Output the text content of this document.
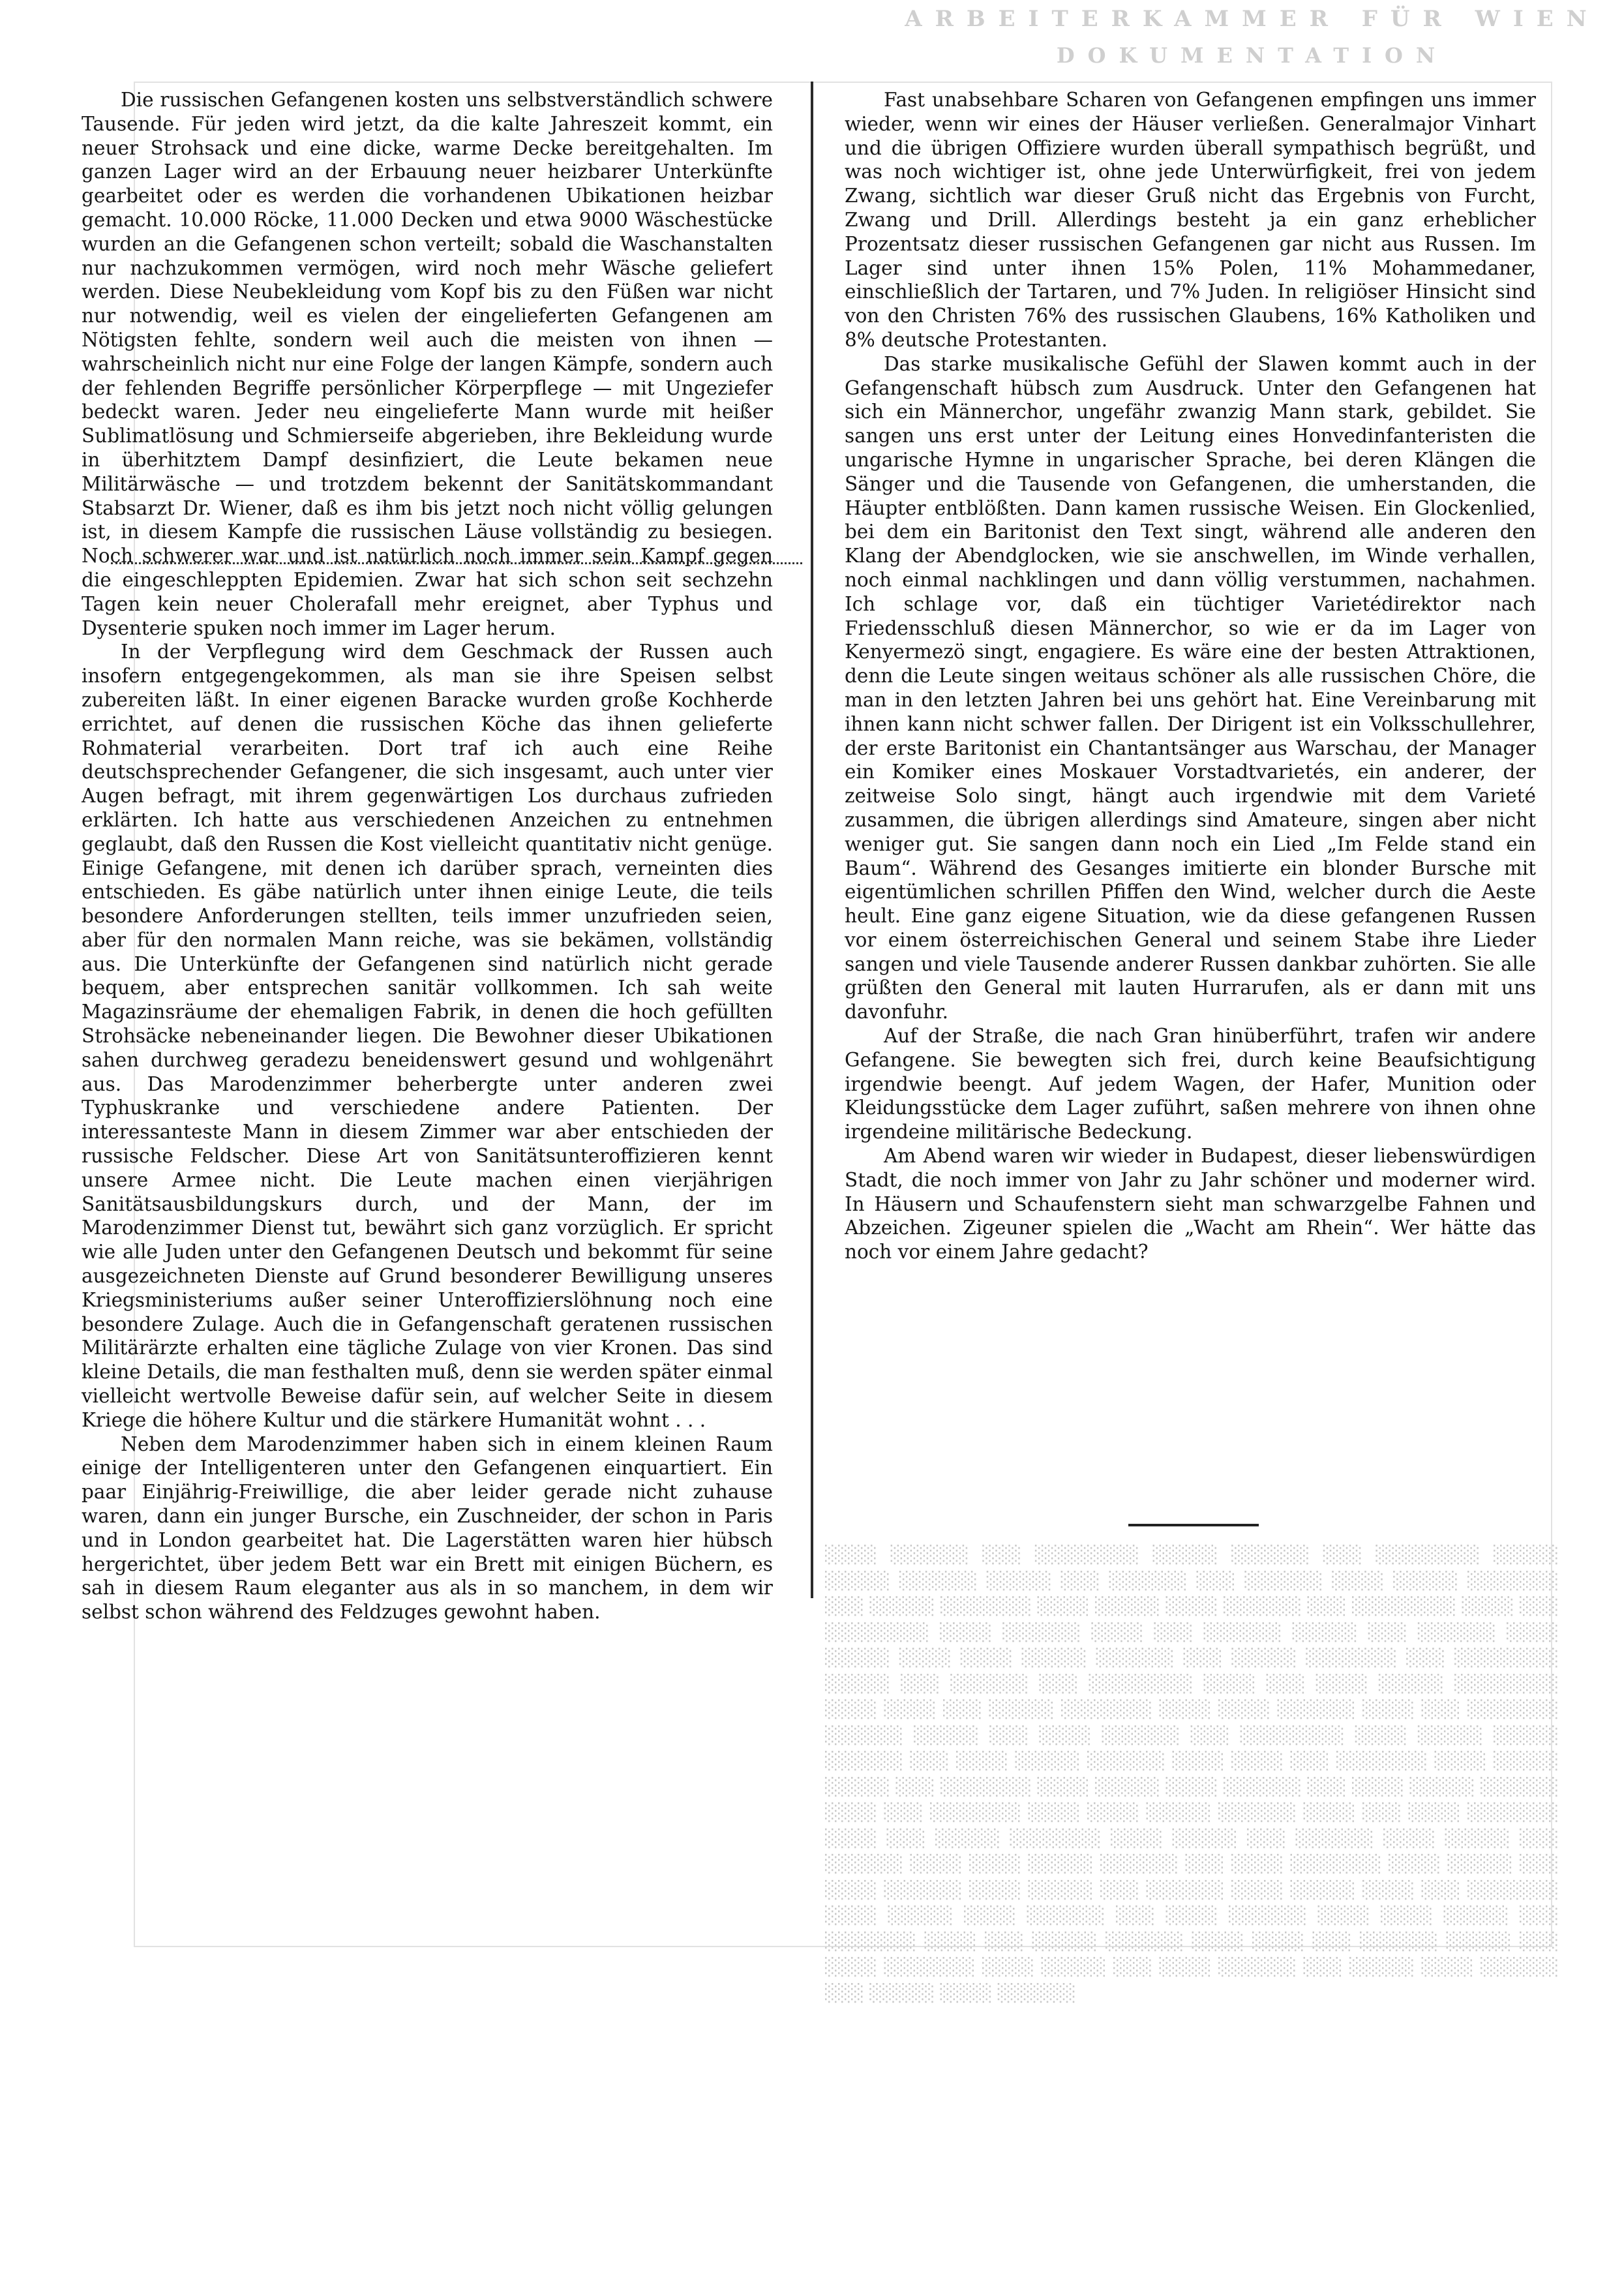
ARBEITERKAMMER FÜR WIEN
DOKUMENTATION

░░░░ ░░░░░░ ░░░ ░░░░░░░░ ░░░░░ ░░░░░░ ░░░ ░░░░░░░░ ░░░░░ ░░░░░ ░░░░░░ ░░░░░ ░░░ ░░░░░░ ░░░ ░░░░░░ ░░░░ ░░░░░ ░░░░░░░ ░░░ ░░░░░ ░░░░░░░ ░░░░ ░░░░░ ░░░░ ░░░░░░ ░░░ ░░░░░░░░ ░░░░ ░░░ ░░░░░░░░ ░░░░ ░░░░░░ ░░░░ ░░░ ░░░░░░ ░░░░░ ░░░ ░░░░░░ ░░░░ ░░░░░ ░░░░ ░░░░ ░░░░░ ░░░░░░ ░░░ ░░░░░ ░░░░░░░ ░░░ ░░░░░░░░ ░░░░░ ░░░ ░░░░░░ ░░░ ░░░░░░░░ ░░░░ ░░░ ░░░░ ░░░░░ ░░░░░░░░ ░░░░ ░░░░ ░░░ ░░░░░ ░░░░░░░ ░░░░ ░░░░ ░░░░░░ ░░░░ ░░░ ░░░░░░░ ░░░░░░ ░░░░░ ░░░ ░░░░ ░░░░░░ ░░░ ░░░░░░░░ ░░░░ ░░░░░ ░░░░░ ░░░░░░ ░░░ ░░░░ ░░░░░ ░░░░░░ ░░░░ ░░░░ ░░░ ░░░░░░░ ░░░░ ░░░░░ ░░░░░ ░░░ ░░░░░░░ ░░░░ ░░░░░ ░░░░ ░░░░░░ ░░░ ░░░░ ░░░░░ ░░░░░░ ░░░░ ░░░ ░░░░░░░ ░░░░ ░░░░ ░░░░░ ░░░░░░ ░░░░ ░░░ ░░░░ ░░░░░░░ ░░░░ ░░░ ░░░░░ ░░░░░░░ ░░░░ ░░░░░ ░░░ ░░░░░░ ░░░░ ░░░░░ ░░░ ░░░░░░ ░░░░ ░░░░ ░░░░░ ░░░░░░ ░░░ ░░░░ ░░░░░░░ ░░░░ ░░░░░ ░░░ ░░░░ ░░░░░░ ░░░░ ░░░░░ ░░░ ░░░░░░ ░░░░ ░░░░░ ░░░░ ░░░ ░░░░░░░ ░░░░ ░░░░░ ░░░░ ░░░░░░ ░░░ ░░░░ ░░░░░░ ░░░░ ░░░░ ░░░░░ ░░░ ░░░░░░░ ░░░░ ░░░ ░░░░░ ░░░░░░ ░░░░ ░░░░ ░░░ ░░░░░░ ░░░░░ ░░░ ░░░░ ░░░░░░░ ░░░░ ░░░░░ ░░░ ░░░░ ░░░░░░ ░░░ ░░░░░ ░░░░ ░░░░░░ ░░░ ░░░░░ ░░░░ ░░░░░░

Die russischen Gefangenen kosten uns selbstverständlich schwere Tausende. Für jeden wird jetzt, da die kalte Jahreszeit kommt, ein neuer Strohsack und eine dicke, warme Decke bereitgehalten. Im ganzen Lager wird an der Erbauung neuer heizbarer Unterkünfte gearbeitet oder es werden die vorhandenen Ubikationen heizbar gemacht. 10.000 Röcke, 11.000 Decken und etwa 9000 Wäschestücke wurden an die Gefangenen schon verteilt; sobald die Waschanstalten nur nachzukommen vermögen, wird noch mehr Wäsche geliefert werden. Diese Neubekleidung vom Kopf bis zu den Füßen war nicht nur notwendig, weil es vielen der eingelieferten Gefangenen am Nötigsten fehlte, sondern weil auch die meisten von ihnen — wahrscheinlich nicht nur eine Folge der langen Kämpfe, sondern auch der fehlenden Begriffe persönlicher Körperpflege — mit Ungeziefer bedeckt waren. Jeder neu eingelieferte Mann wurde mit heißer Sublimatlösung und Schmierseife abgerieben, ihre Bekleidung wurde in überhitztem Dampf desinfiziert, die Leute bekamen neue Militärwäsche — und trotzdem bekennt der Sanitätskommandant Stabsarzt Dr. Wiener, daß es ihm bis jetzt noch nicht völlig gelungen ist, in diesem Kampfe die russischen Läuse vollständig zu besiegen. Noch schwerer war und ist natürlich noch immer sein Kampf gegen die eingeschleppten Epidemien. Zwar hat sich schon seit sechzehn Tagen kein neuer Cholerafall mehr ereignet, aber Typhus und Dysenterie spuken noch immer im Lager herum.

In der Verpflegung wird dem Geschmack der Russen auch insofern entgegengekommen, als man sie ihre Speisen selbst zubereiten läßt. In einer eigenen Baracke wurden große Kochherde errichtet, auf denen die russischen Köche das ihnen gelieferte Rohmaterial verarbeiten. Dort traf ich auch eine Reihe deutschsprechender Gefangener, die sich insgesamt, auch unter vier Augen befragt, mit ihrem gegenwärtigen Los durchaus zufrieden erklärten. Ich hatte aus verschiedenen Anzeichen zu entnehmen geglaubt, daß den Russen die Kost vielleicht quantitativ nicht genüge. Einige Gefangene, mit denen ich darüber sprach, verneinten dies entschieden. Es gäbe natürlich unter ihnen einige Leute, die teils besondere Anforderungen stellten, teils immer unzufrieden seien, aber für den normalen Mann reiche, was sie bekämen, vollständig aus. Die Unterkünfte der Gefangenen sind natürlich nicht gerade bequem, aber entsprechen sanitär vollkommen. Ich sah weite Magazinsräume der ehemaligen Fabrik, in denen die hoch gefüllten Strohsäcke nebeneinander liegen. Die Bewohner dieser Ubikationen sahen durchweg geradezu beneidenswert gesund und wohlgenährt aus. Das Marodenzimmer beherbergte unter anderen zwei Typhuskranke und verschiedene andere Patienten. Der interessanteste Mann in diesem Zimmer war aber entschieden der russische Feldscher. Diese Art von Sanitätsunteroffizieren kennt unsere Armee nicht. Die Leute machen einen vierjährigen Sanitätsausbildungskurs durch, und der Mann, der im Marodenzimmer Dienst tut, bewährt sich ganz vorzüglich. Er spricht wie alle Juden unter den Gefangenen Deutsch und bekommt für seine ausgezeichneten Dienste auf Grund besonderer Bewilligung unseres Kriegsministeriums außer seiner Unteroffizierslöhnung noch eine besondere Zulage. Auch die in Gefangenschaft geratenen russischen Militärärzte erhalten eine tägliche Zulage von vier Kronen. Das sind kleine Details, die man festhalten muß, denn sie werden später einmal vielleicht wertvolle Beweise dafür sein, auf welcher Seite in diesem Kriege die höhere Kultur und die stärkere Humanität wohnt . . .

Neben dem Marodenzimmer haben sich in einem kleinen Raum einige der Intelligenteren unter den Gefangenen einquartiert. Ein paar Einjährig-Freiwillige, die aber leider gerade nicht zuhause waren, dann ein junger Bursche, ein Zuschneider, der schon in Paris und in London gearbeitet hat. Die Lagerstätten waren hier hübsch hergerichtet, über jedem Bett war ein Brett mit einigen Büchern, es sah in diesem Raum eleganter aus als in so manchem, in dem wir selbst schon während des Feldzuges gewohnt haben.

Fast unabsehbare Scharen von Gefangenen empfingen uns immer wieder, wenn wir eines der Häuser verließen. Generalmajor Vinhart und die übrigen Offiziere wurden überall sympathisch begrüßt, und was noch wichtiger ist, ohne jede Unterwürfigkeit, frei von jedem Zwang, sichtlich war dieser Gruß nicht das Ergebnis von Furcht, Zwang und Drill. Allerdings besteht ja ein ganz erheblicher Prozentsatz dieser russischen Gefangenen gar nicht aus Russen. Im Lager sind unter ihnen 15% Polen, 11% Mohammedaner, einschließlich der Tartaren, und 7% Juden. In religiöser Hinsicht sind von den Christen 76% des russischen Glaubens, 16% Katholiken und 8% deutsche Protestanten.

Das starke musikalische Gefühl der Slawen kommt auch in der Gefangenschaft hübsch zum Ausdruck. Unter den Gefangenen hat sich ein Männerchor, ungefähr zwanzig Mann stark, gebildet. Sie sangen uns erst unter der Leitung eines Honvedinfanteristen die ungarische Hymne in ungarischer Sprache, bei deren Klängen die Sänger und die Tausende von Gefangenen, die umherstanden, die Häupter entblößten. Dann kamen russische Weisen. Ein Glockenlied, bei dem ein Baritonist den Text singt, während alle anderen den Klang der Abendglocken, wie sie anschwellen, im Winde verhallen, noch einmal nachklingen und dann völlig verstummen, nachahmen. Ich schlage vor, daß ein tüchtiger Varietédirektor nach Friedensschluß diesen Männerchor, so wie er da im Lager von Kenyermezö singt, engagiere. Es wäre eine der besten Attraktionen, denn die Leute singen weitaus schöner als alle russischen Chöre, die man in den letzten Jahren bei uns gehört hat. Eine Vereinbarung mit ihnen kann nicht schwer fallen. Der Dirigent ist ein Volksschullehrer, der erste Baritonist ein Chantantsänger aus Warschau, der Manager ein Komiker eines Moskauer Vorstadtvarietés, ein anderer, der zeitweise Solo singt, hängt auch irgendwie mit dem Varieté zusammen, die übrigen allerdings sind Amateure, singen aber nicht weniger gut. Sie sangen dann noch ein Lied „Im Felde stand ein Baum“. Während des Gesanges imitierte ein blonder Bursche mit eigentümlichen schrillen Pfiffen den Wind, welcher durch die Aeste heult. Eine ganz eigene Situation, wie da diese gefangenen Russen vor einem österreichischen General und seinem Stabe ihre Lieder sangen und viele Tausende anderer Russen dankbar zuhörten. Sie alle grüßten den General mit lauten Hurrarufen, als er dann mit uns davonfuhr.

Auf der Straße, die nach Gran hinüberführt, trafen wir andere Gefangene. Sie bewegten sich frei, durch keine Beaufsichtigung irgendwie beengt. Auf jedem Wagen, der Hafer, Munition oder Kleidungsstücke dem Lager zuführt, saßen mehrere von ihnen ohne irgendeine militärische Bedeckung.

Am Abend waren wir wieder in Budapest, dieser liebenswürdigen Stadt, die noch immer von Jahr zu Jahr schöner und moderner wird. In Häusern und Schaufenstern sieht man schwarzgelbe Fahnen und Abzeichen. Zigeuner spielen die „Wacht am Rhein“. Wer hätte das noch vor einem Jahre gedacht?
